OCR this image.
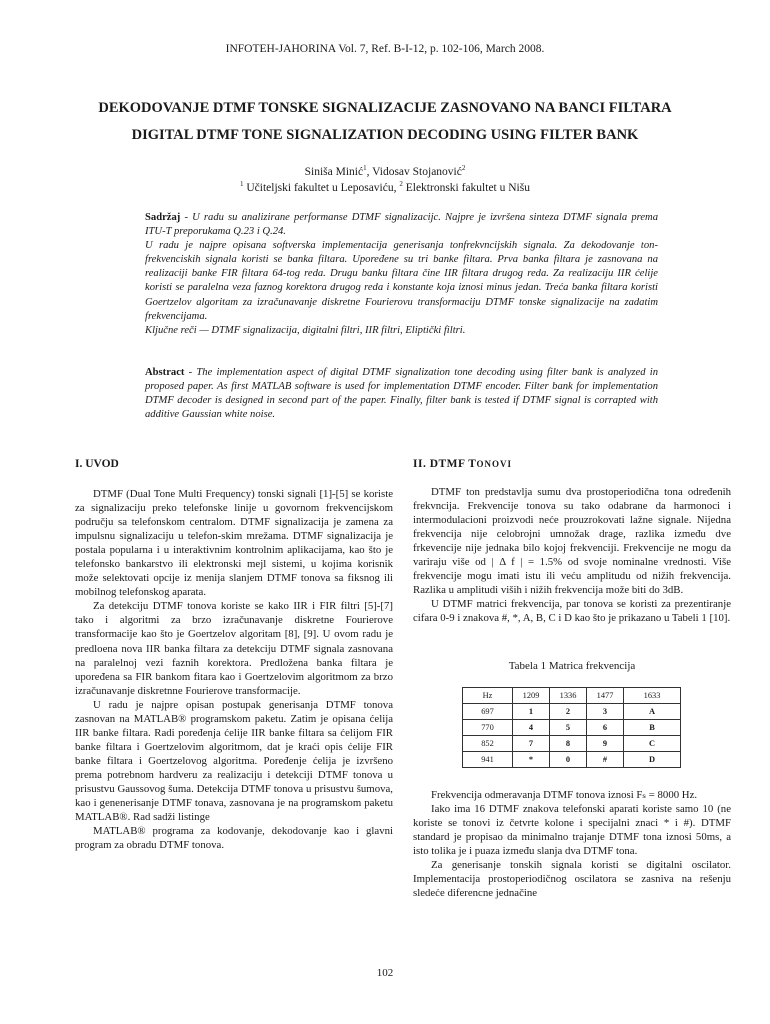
INFOTEH-JAHORINA Vol. 7, Ref. B-I-12, p. 102-106, March 2008.
DEKODOVANJE DTMF TONSKE SIGNALIZACIJE ZASNOVANO NA BANCI FILTARA
DIGITAL DTMF TONE SIGNALIZATION DECODING USING FILTER BANK
Siniša Minić$^1$, Vidosav Stojanović$^2$
$^1$ Učiteljski fakultet u Leposaviću, $^2$ Elektronski fakultet u Nišu

Sadržaj - U radu su analizirane performanse DTMF signalizacijc. Najpre je izvršena sinteza DTMF signala prema ITU-T preporukama Q.23 i Q.24.

U radu je najpre opisana softverska implementacija generisanja tonfrekvncijskih signala. Za dekodovanje ton-frekvenciskih signala koristi se banka filtara. Upoređene su tri banke filtara. Prva banka filtara je zasnovana na realizaciji banke FIR filtara 64-tog reda. Drugu banku filtara čine IIR filtara drugog reda. Za realizaciju IIR ćelije koristi se paralelna veza faznog korektora drugog reda i konstante koja iznosi minus jedan. Treća banka filtara koristi Goertzelov algoritam za izračunavanje diskretne Fourierovu transformaciju DTMF tonske signalizacije na zadatim frekvencijama.

Ključne reči — DTMF signalizacija, digitalni filtri, IIR filtri, Eliptički filtri.

Abstract - The implementation aspect of digital DTMF signalization tone decoding using filter bank is analyzed in proposed paper. As first MATLAB software is used for implementation DTMF encoder. Filter bank for implementation DTMF decoder is designed in second part of the paper. Finally, filter bank is tested if DTMF signal is corrapted with additive Gaussian white noise.

I. UVOD	II. DTMF TONOVI

DTMF (Dual Tone Multi Frequency) tonski signali [1]-[5] se koriste za signalizaciju preko telefonske linije u govornom frekvencijskom području sa telefonskom centralom. DTMF signalizacija je zamena za impulsnu signalizaciju u telefon-skim mrežama. DTMF signalizacija je postala popularna i u interaktivnim kontrolnim aplikacijama, kao što je telefonsko bankarstvo ili elektronski mejl sistemi, u kojima korisnik može selektovati opcije iz menija slanjem DTMF tonova sa fiksnog ili mobilnog telefonskog aparata.

Za detekciju DTMF tonova koriste se kako IIR i FIR filtri [5]-[7] tako i algoritmi za brzo izračunavanje diskretne Fourierove transformacije kao što je Goertzelov algoritam [8], [9]. U ovom radu je predloena nova IIR banka filtara za detekciju DTMF signala zasnovana na paralelnoj vezi faznih korektora. Predložena banka filtara je upoređena sa FIR bankom fitara kao i Goertzelovim algoritmom za brzo izračunavanje diskretnne Fourierove transformacije.

U radu je najpre opisan postupak generisanja DTMF tonova zasnovan na MATLAB® programskom paketu. Zatim je opisana ćelija IIR banke filtara. Radi poređenja ćelije IIR banke filtara sa ćelijom FIR banke filtara i Goertzelovim algoritmom, dat je kraći opis ćelije FIR banke filtara i Goertzelovog algoritma. Poređenje ćelija je izvršeno prema potrebnom hardveru za realizaciju i detekciji DTMF tonova u prisustvu Gaussovog šuma. Detekcija DTMF tonova u prisustvu šumova, kao i genenerisanje DTMF tonava, zasnovana je na programskom paketu MATLAB®. Rad sadži listinge

MATLAB® programa za kodovanje, dekodovanje kao i glavni program za obradu DTMF tonova.

DTMF ton predstavlja sumu dva prostoperiodična tona određenih frekvncija. Frekvencije tonova su tako odabrane da harmonoci i intermodulacioni proizvodi neće prouzrokovati lažne signale. Nijedna frekvencija nije celobrojni umnožak drage, razlika između dve frkevencije nije jednaka bilo kojoj frekvenciji. Frekvencije ne mogu da variraju više od | Δ f | = 1.5% od svoje nominalne vrednosti. Više frekvencije mogu imati istu ili veću amplitudu od nižih frekvencija. Razlika u amplitudi viših i nižih frekvencija može biti do 3dB.

U DTMF matrici frekvencija, par tonova se koristi za prezentiranje cifara 0-9 i znakova #, *, A, B, C i D kao što je prikazano u Tabeli 1 [10].

Tabela 1 Matrica frekvencija
Hz	1209	1336	1477	1633
697	1	2	3	A
770	4	5	6	B
852	7	8	9	C
941	*	0	#	D

Frekvencija odmeravanja DTMF tonova iznosi Fₛ = 8000 Hz.

Iako ima 16 DTMF znakova telefonski aparati koriste samo 10 (ne koriste se tonovi iz četvrte kolone i specijalni znaci * i #). DTMF standard je propisao da minimalno trajanje DTMF tona iznosi 50ms, a isto tolika je i puaza između slanja dva DTMF tona.

Za generisanje tonskih signala koristi se digitalni oscilator. Implementacija prostoperiodičnog oscilatora se zasniva na rešenju sledeće diferencne jednačine

102
